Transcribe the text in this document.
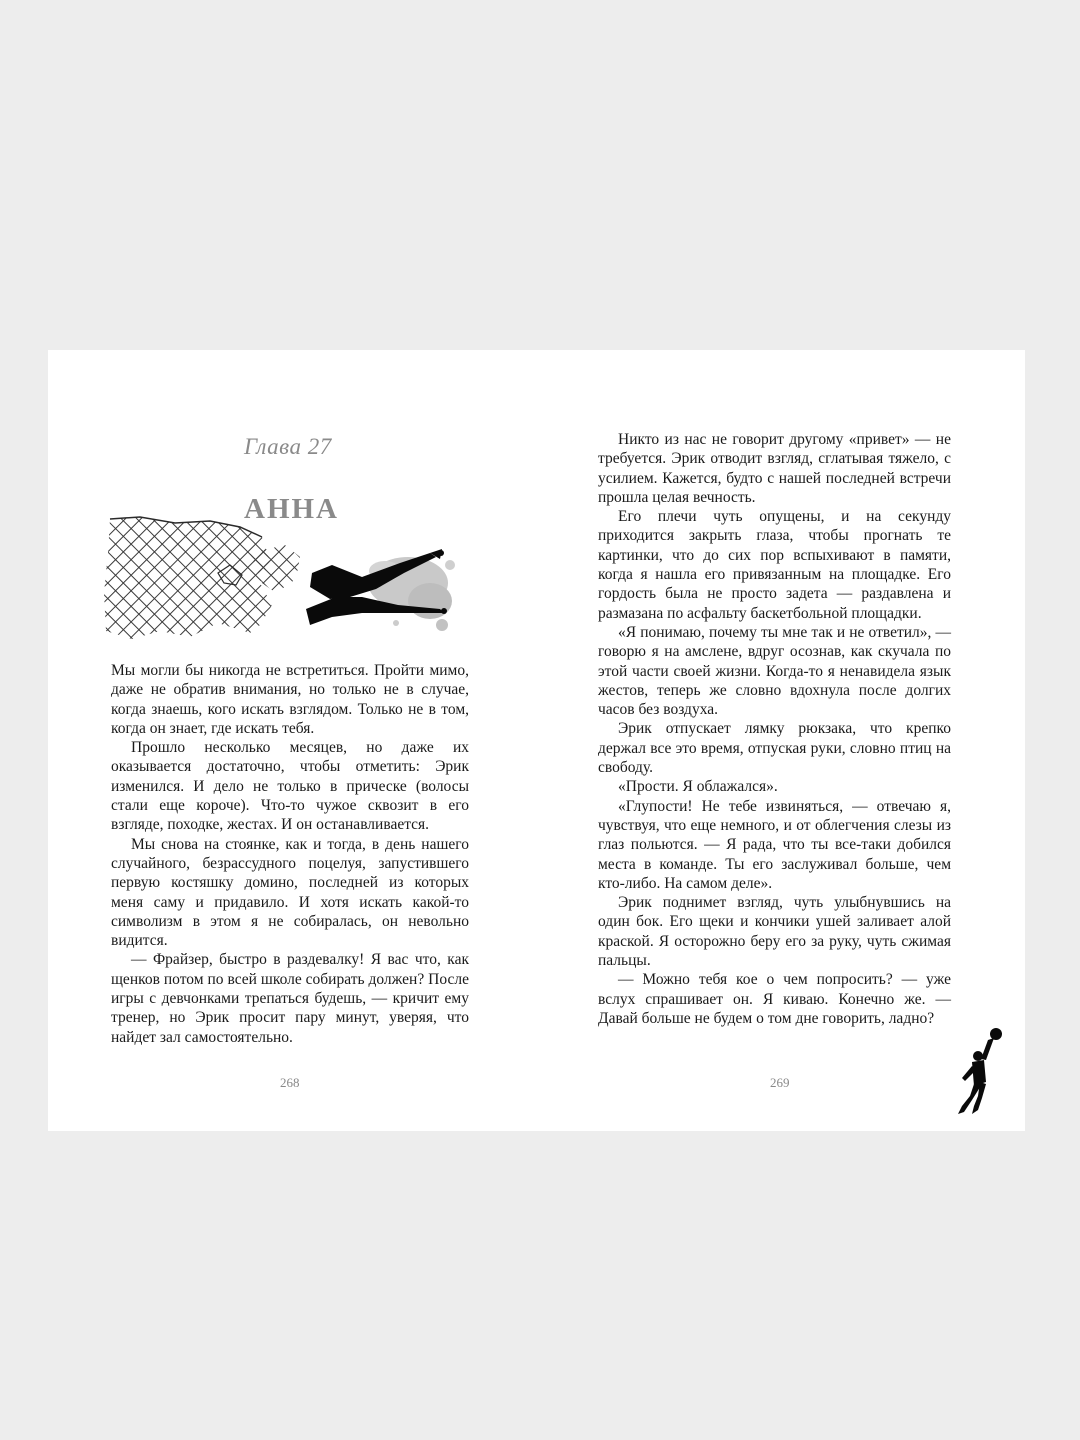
Глава 27
АННА

Мы могли бы никогда не встретиться. Пройти мимо, даже не обратив внимания, но только не в случае, когда знаешь, кого искать взглядом. Только не в том, когда он знает, где искать тебя.

Прошло несколько месяцев, но даже их оказывается достаточно, чтобы отметить: Эрик изменился. И дело не только в прическе (волосы стали еще короче). Что-то чужое сквозит в его взгляде, походке, жестах. И он останавливается.

Мы снова на стоянке, как и тогда, в день нашего случайного, безрассудного поцелуя, запустившего первую костяшку домино, последней из которых меня саму и придавило. И хотя искать какой-то символизм в этом я не собиралась, он невольно видится.

— Фрайзер, быстро в раздевалку! Я вас что, как щенков потом по всей школе собирать должен? После игры с девчонками трепаться будешь, — кричит ему тренер, но Эрик просит пару минут, уверяя, что найдет зал самостоятельно.

268

Никто из нас не говорит другому «привет» — не требуется. Эрик отводит взгляд, сглатывая тяжело, с усилием. Кажется, будто с нашей последней встречи прошла целая вечность.

Его плечи чуть опущены, и на секунду приходится закрыть глаза, чтобы прогнать те картинки, что до сих пор вспыхивают в памяти, когда я нашла его привязанным на площадке. Его гордость была не просто задета — раздавлена и размазана по асфальту баскетбольной площадки.

«Я понимаю, почему ты мне так и не ответил», — говорю я на амслене, вдруг осознав, как скучала по этой части своей жизни. Когда-то я ненавидела язык жестов, теперь же словно вдохнула после долгих часов без воздуха.

Эрик отпускает лямку рюкзака, что крепко держал все это время, отпуская руки, словно птиц на свободу.

«Прости. Я облажался».

«Глупости! Не тебе извиняться, — отвечаю я, чувствуя, что еще немного, и от облегчения слезы из глаз польются. — Я рада, что ты все-таки добился места в команде. Ты его заслуживал больше, чем кто-либо. На самом деле».

Эрик поднимет взгляд, чуть улыбнувшись на один бок. Его щеки и кончики ушей заливает алой краской. Я осторожно беру его за руку, чуть сжимая пальцы.

— Можно тебя кое о чем попросить? — уже вслух спрашивает он. Я киваю. Конечно же. — Давай больше не будем о том дне говорить, ладно?

269
